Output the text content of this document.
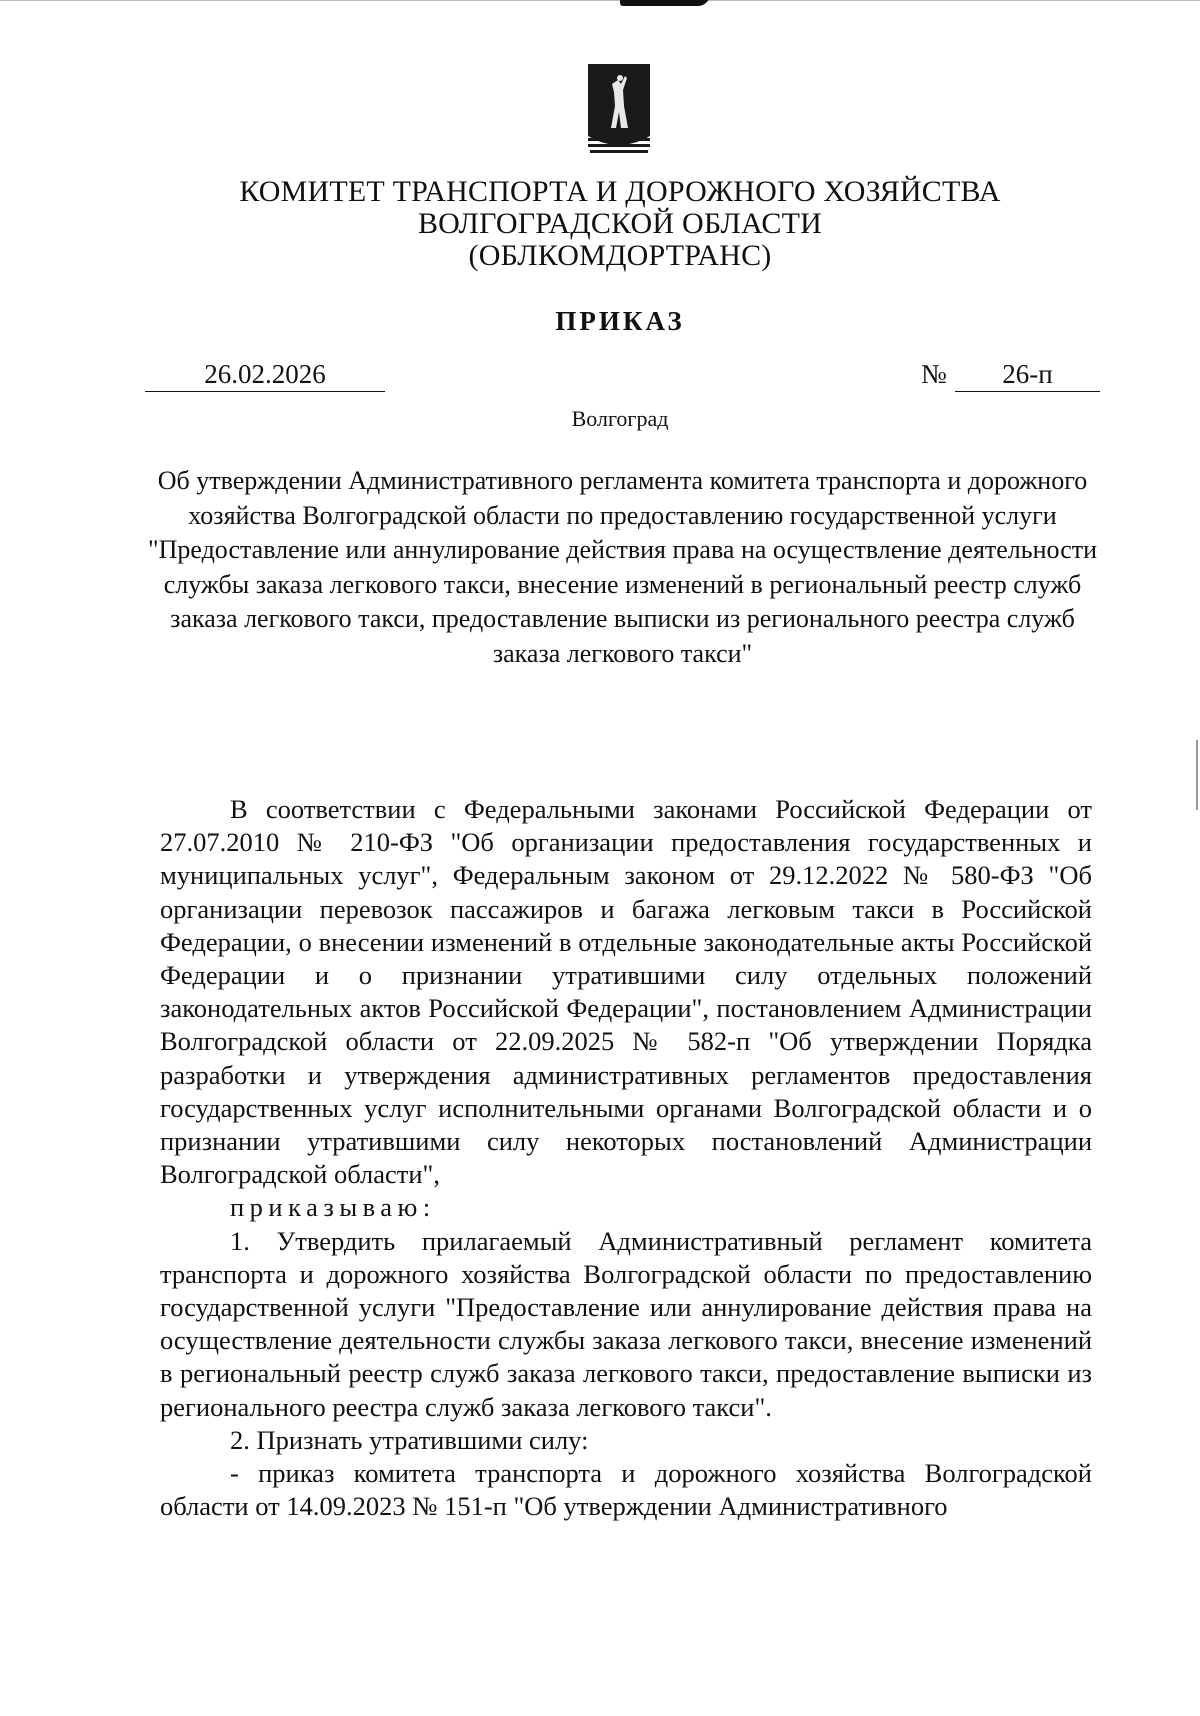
КОМИТЕТ ТРАНСПОРТА И ДОРОЖНОГО ХОЗЯЙСТВА
ВОЛГОГРАДСКОЙ ОБЛАСТИ
(ОБЛКОМДОРТРАНС)
ПРИКАЗ
26.02.2026	№	26-п
Волгоград
Об утверждении Административного регламента комитета транспорта и дорожного хозяйства Волгоградской области по предоставлению государственной услуги "Предоставление или аннулирование действия права на осуществление деятельности службы заказа легкового такси, внесение изменений в региональный реестр служб заказа легкового такси, предоставление выписки из регионального реестра служб заказа легкового такси"

В соответствии с Федеральными законами Российской Федерации от 27.07.2010 № 210-ФЗ "Об организации предоставления государственных и муниципальных услуг", Федеральным законом от 29.12.2022 № 580-ФЗ "Об организации перевозок пассажиров и багажа легковым такси в Российской Федерации, о внесении изменений в отдельные законодательные акты Российской Федерации и о признании утратившими силу отдельных положений законодательных актов Российской Федерации", постановлением Администрации Волгоградской области от 22.09.2025 № 582-п "Об утверждении Порядка разработки и утверждения административных регламентов предоставления государственных услуг исполнительными органами Волгоградской области и о признании утратившими силу некоторых постановлений Администрации Волгоградской области",

приказываю:

1. Утвердить прилагаемый Административный регламент комитета транспорта и дорожного хозяйства Волгоградской области по предоставлению государственной услуги "Предоставление или аннулирование действия права на осуществление деятельности службы заказа легкового такси, внесение изменений в региональный реестр служб заказа легкового такси, предоставление выписки из регионального реестра служб заказа легкового такси".

2. Признать утратившими силу:

- приказ комитета транспорта и дорожного хозяйства Волгоградской области от 14.09.2023 № 151-п "Об утверждении Административного
